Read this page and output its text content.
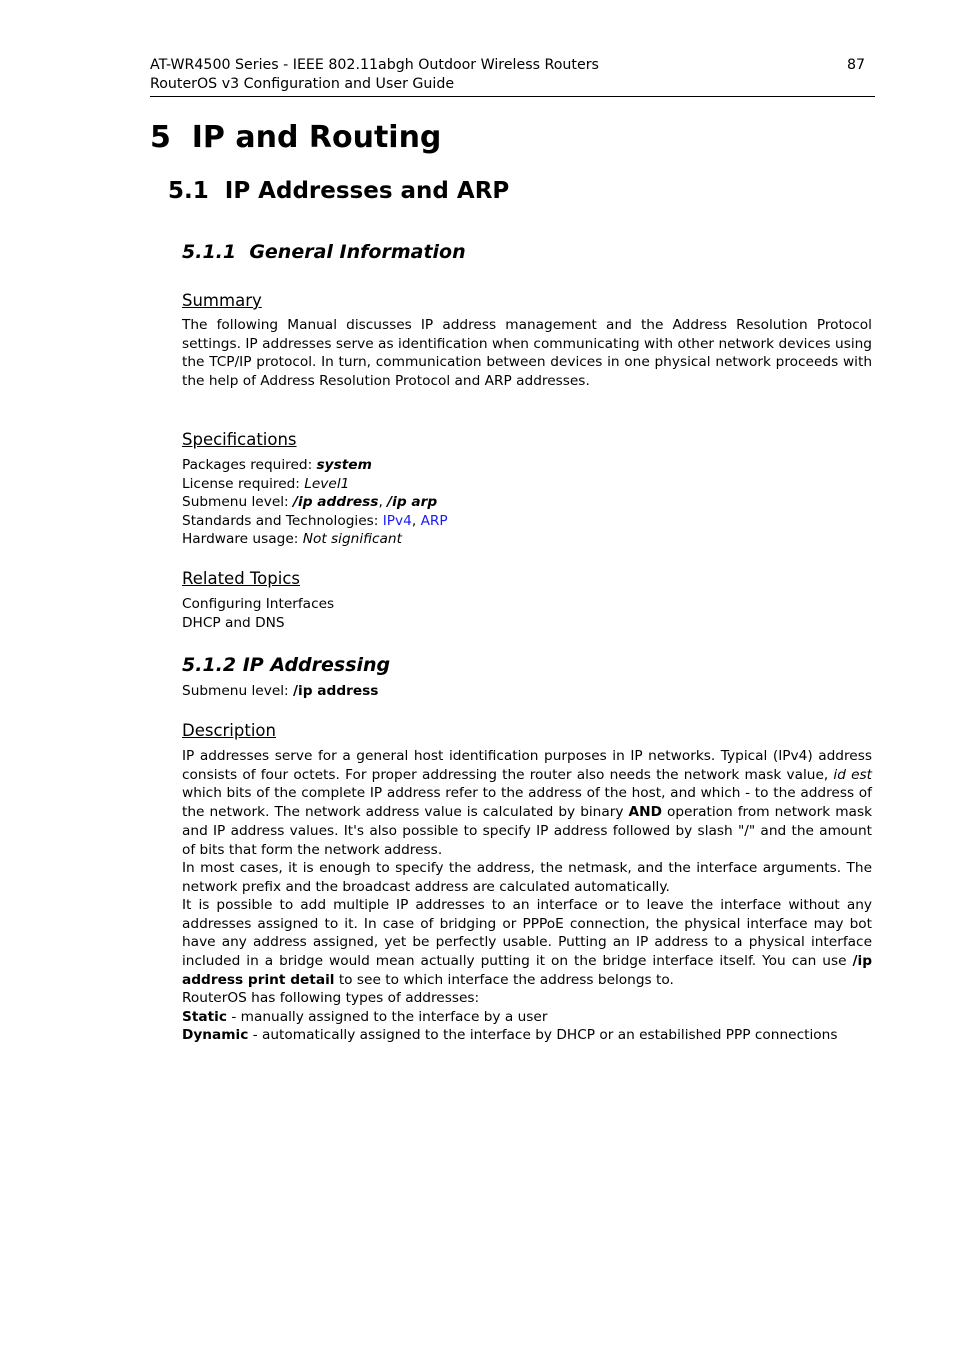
AT-WR4500 Series - IEEE 802.11abgh Outdoor Wireless Routers
RouterOS v3 Configuration and User Guide
87
5  IP and Routing
5.1  IP Addresses and ARP
5.1.1  General Information
Summary
The following Manual discusses IP address management and the Address Resolution Protocol settings. IP addresses serve as identification when communicating with other network devices using the TCP/IP protocol. In turn, communication between devices in one physical network proceeds with the help of Address Resolution Protocol and ARP addresses.
Specifications
Packages required: system
License required: Level1
Submenu level: /ip address, /ip arp
Standards and Technologies: IPv4, ARP
Hardware usage: Not significant
Related Topics
Configuring Interfaces
DHCP and DNS
5.1.2 IP Addressing
Submenu level: /ip address
Description
IP addresses serve for a general host identification purposes in IP networks. Typical (IPv4) address consists of four octets. For proper addressing the router also needs the network mask value, id est which bits of the complete IP address refer to the address of the host, and which - to the address of the network. The network address value is calculated by binary AND operation from network mask and IP address values. It's also possible to specify IP address followed by slash "/" and the amount of bits that form the network address.
In most cases, it is enough to specify the address, the netmask, and the interface arguments. The network prefix and the broadcast address are calculated automatically.
It is possible to add multiple IP addresses to an interface or to leave the interface without any addresses assigned to it. In case of bridging or PPPoE connection, the physical interface may bot have any address assigned, yet be perfectly usable. Putting an IP address to a physical interface included in a bridge would mean actually putting it on the bridge interface itself. You can use /ip address print detail to see to which interface the address belongs to.
RouterOS has following types of addresses:
Static - manually assigned to the interface by a user
Dynamic - automatically assigned to the interface by DHCP or an estabilished PPP connections
